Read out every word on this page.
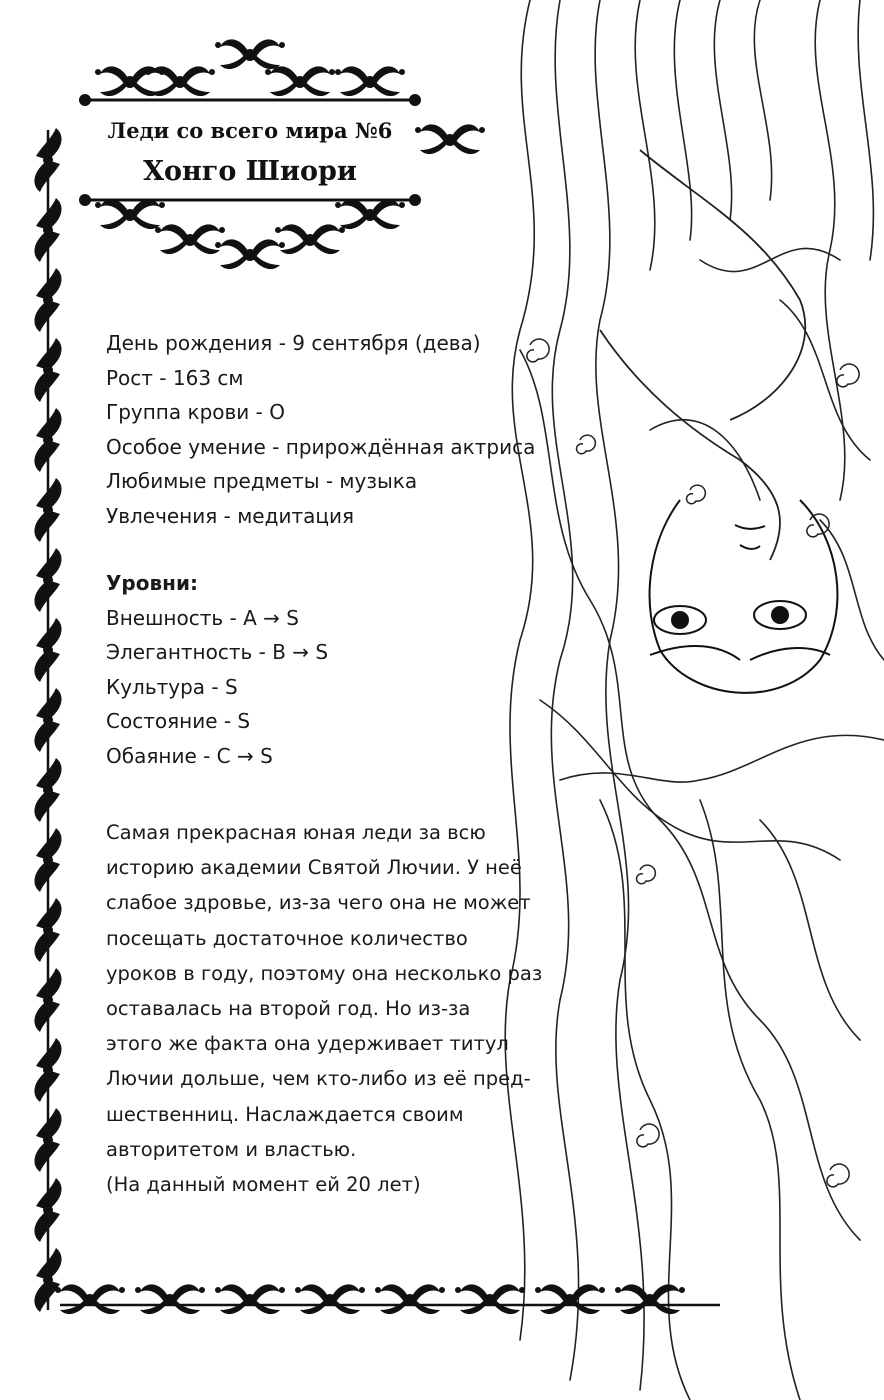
Леди со всего мира №6
Хонго Шиори
День рождения - 9 сентября (дева)
Рост - 163 см
Группа крови - О
Особое умение - прирождённая актриса
Любимые предметы - музыка
Увлечения - медитация
Уровни:
Внешность - A → S
Элегантность - B → S
Культура - S
Состояние - S
Обаяние - C → S
Самая прекрасная юная леди за всю
историю академии Святой Лючии. У неё
слабое здровье, из-за чего она не может
посещать достаточное количество
уроков в году, поэтому она несколько раз
оставалась на второй год. Но из-за
этого же факта она удерживает титул
Лючии дольше, чем кто-либо из её пред-
шественниц. Наслаждается своим
авторитетом и властью.
(На данный момент ей 20 лет)
